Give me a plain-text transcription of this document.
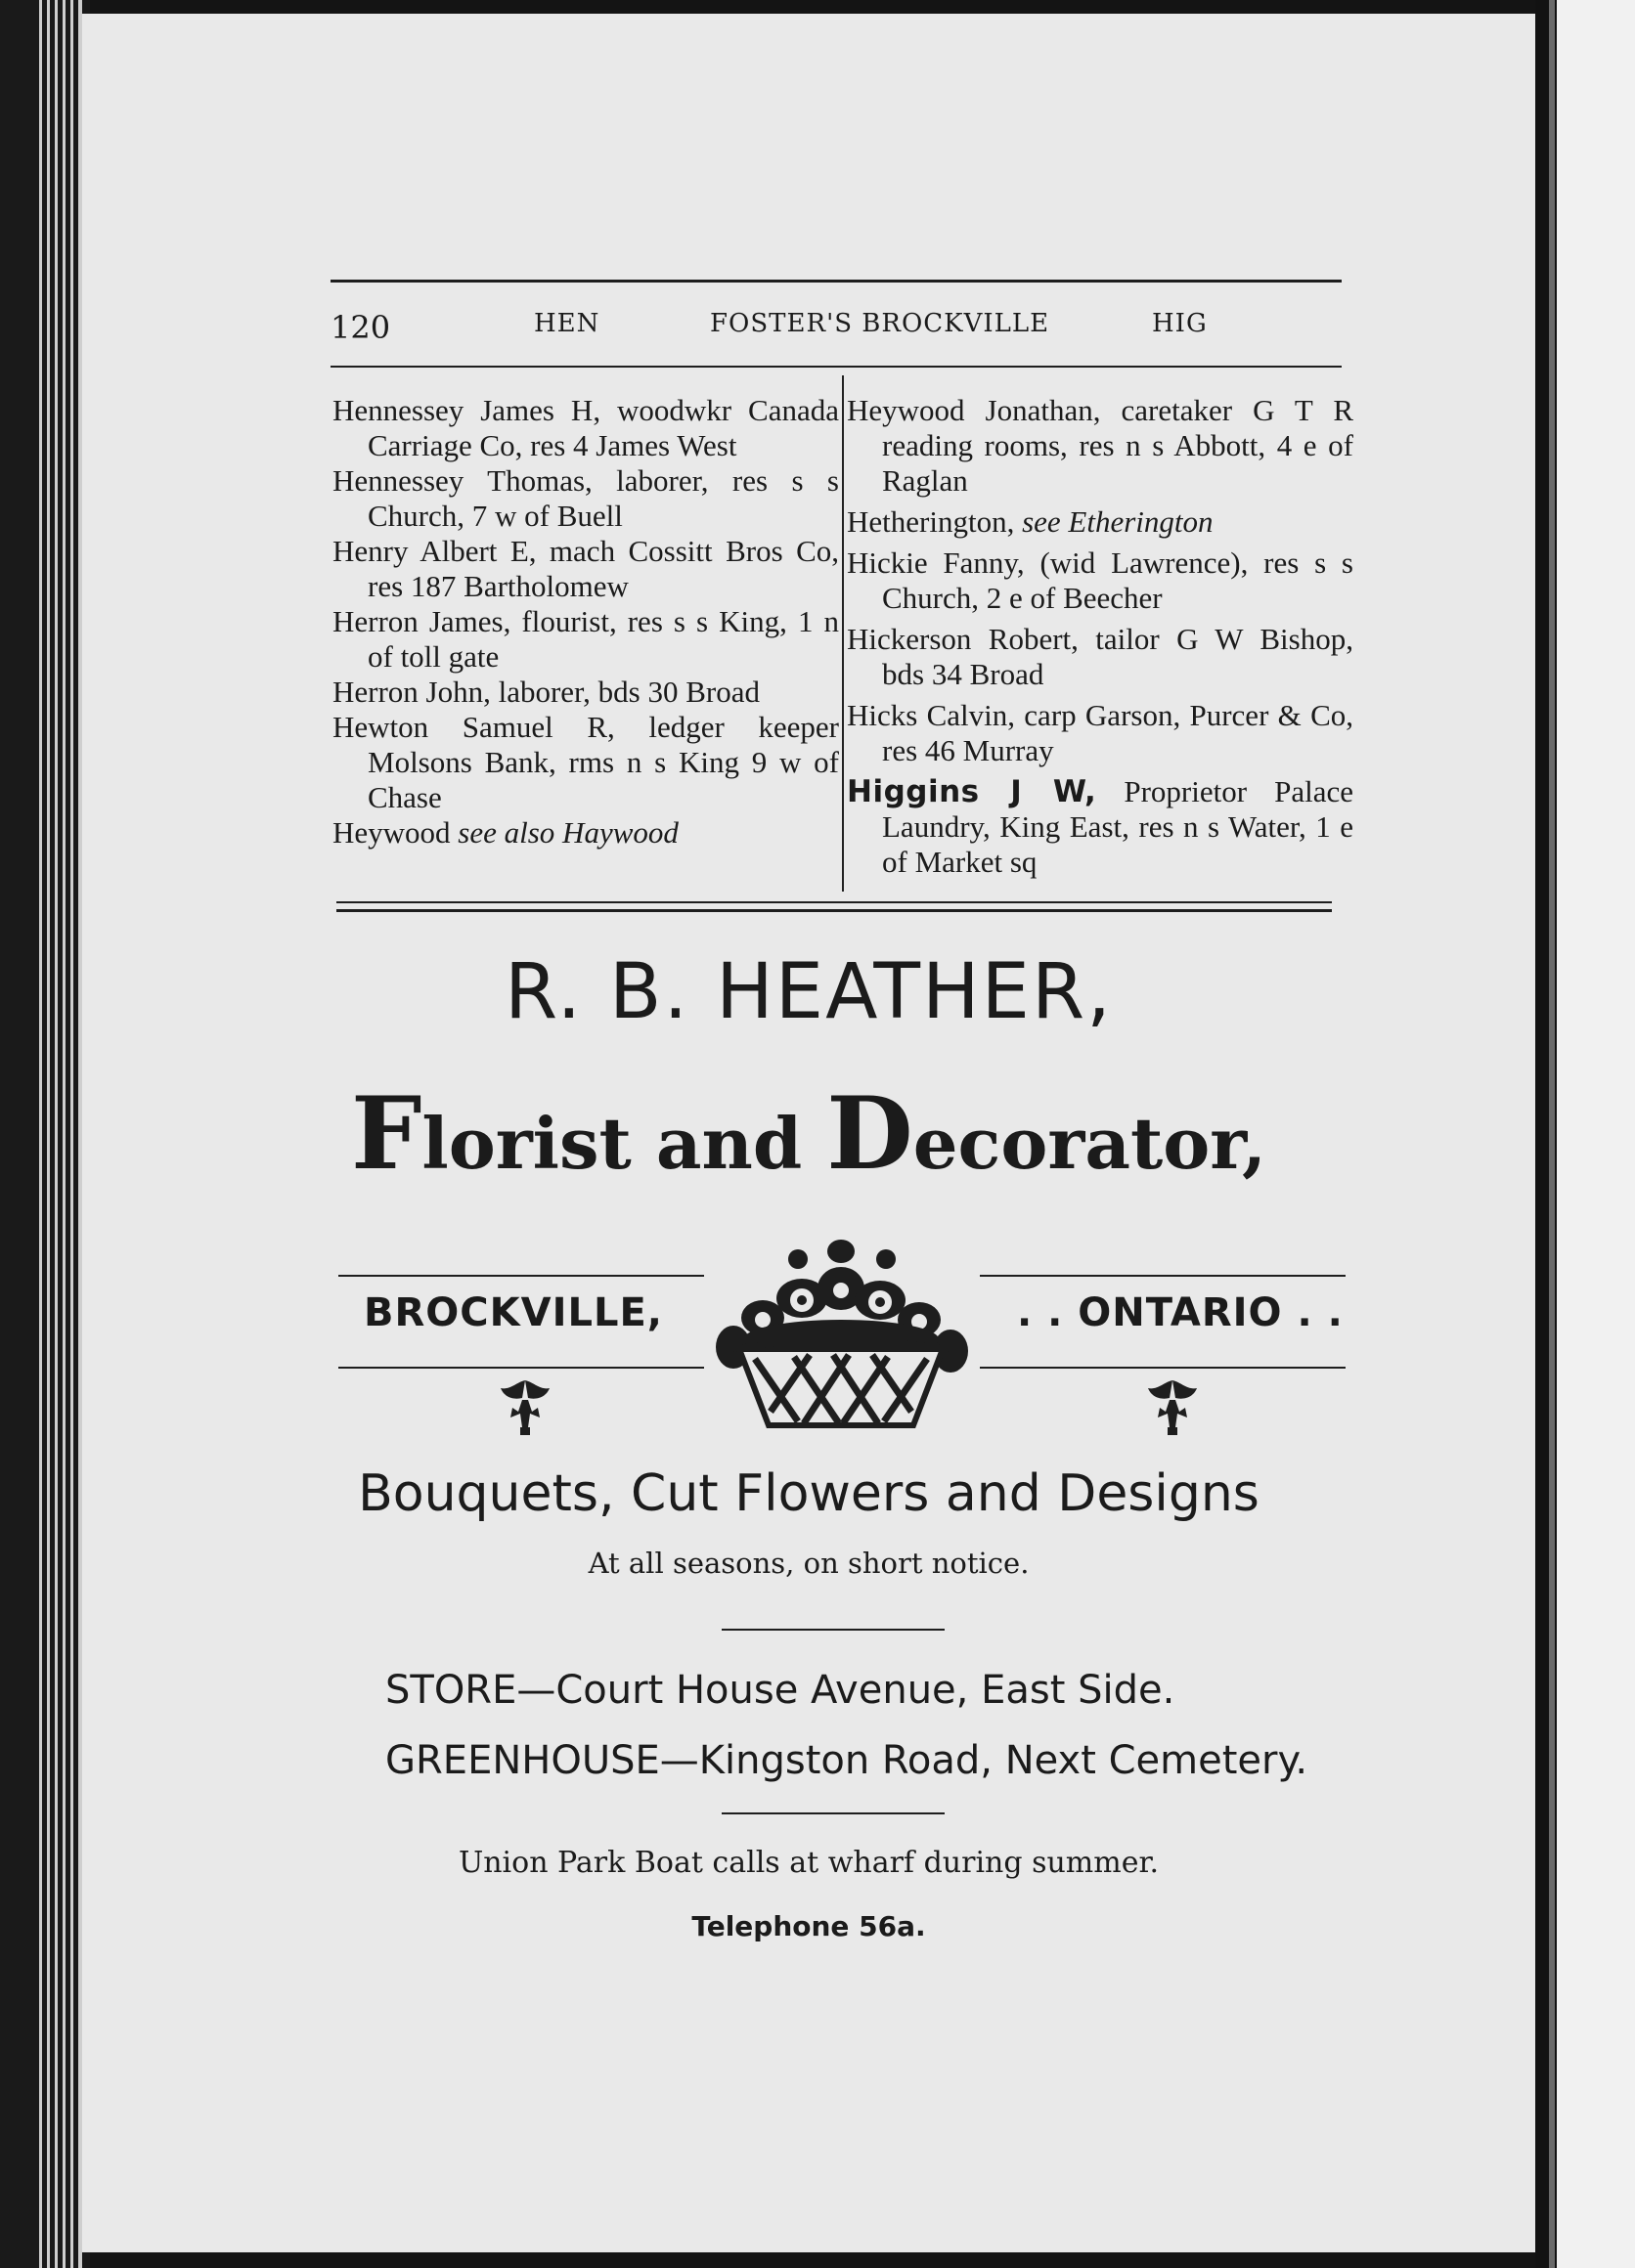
120	HEN	FOSTER'S BROCKVILLE	HIG

Hennessey James H, woodwkr Canada Carriage Co, res 4 James West

Hennessey Thomas, laborer, res s s Church, 7 w of Buell

Henry Albert E, mach Cossitt Bros Co, res 187 Bartholomew

Herron James, flourist, res s s King, 1 n of toll gate

Herron John, laborer, bds 30 Broad

Hewton Samuel R, ledger keeper Molsons Bank, rms n s King 9 w of Chase

Heywood see also Haywood

Heywood Jonathan, caretaker G T R reading rooms, res n s Abbott, 4 e of Raglan

Hetherington, see Etherington

Hickie Fanny, (wid Lawrence), res s s Church, 2 e of Beecher

Hickerson Robert, tailor G W Bishop, bds 34 Broad

Hicks Calvin, carp Garson, Purcer & Co, res 46 Murray

Higgins J W, Proprietor Palace Laundry, King East, res n s Water, 1 e of Market sq

R. B. HEATHER,
Florist and Decorator,
BROCKVILLE,	. . ONTARIO . .
Bouquets, Cut Flowers and Designs
At all seasons, on short notice.
STORE—Court House Avenue, East Side.
GREENHOUSE—Kingston Road, Next Cemetery.
Union Park Boat calls at wharf during summer.
Telephone 56a.
